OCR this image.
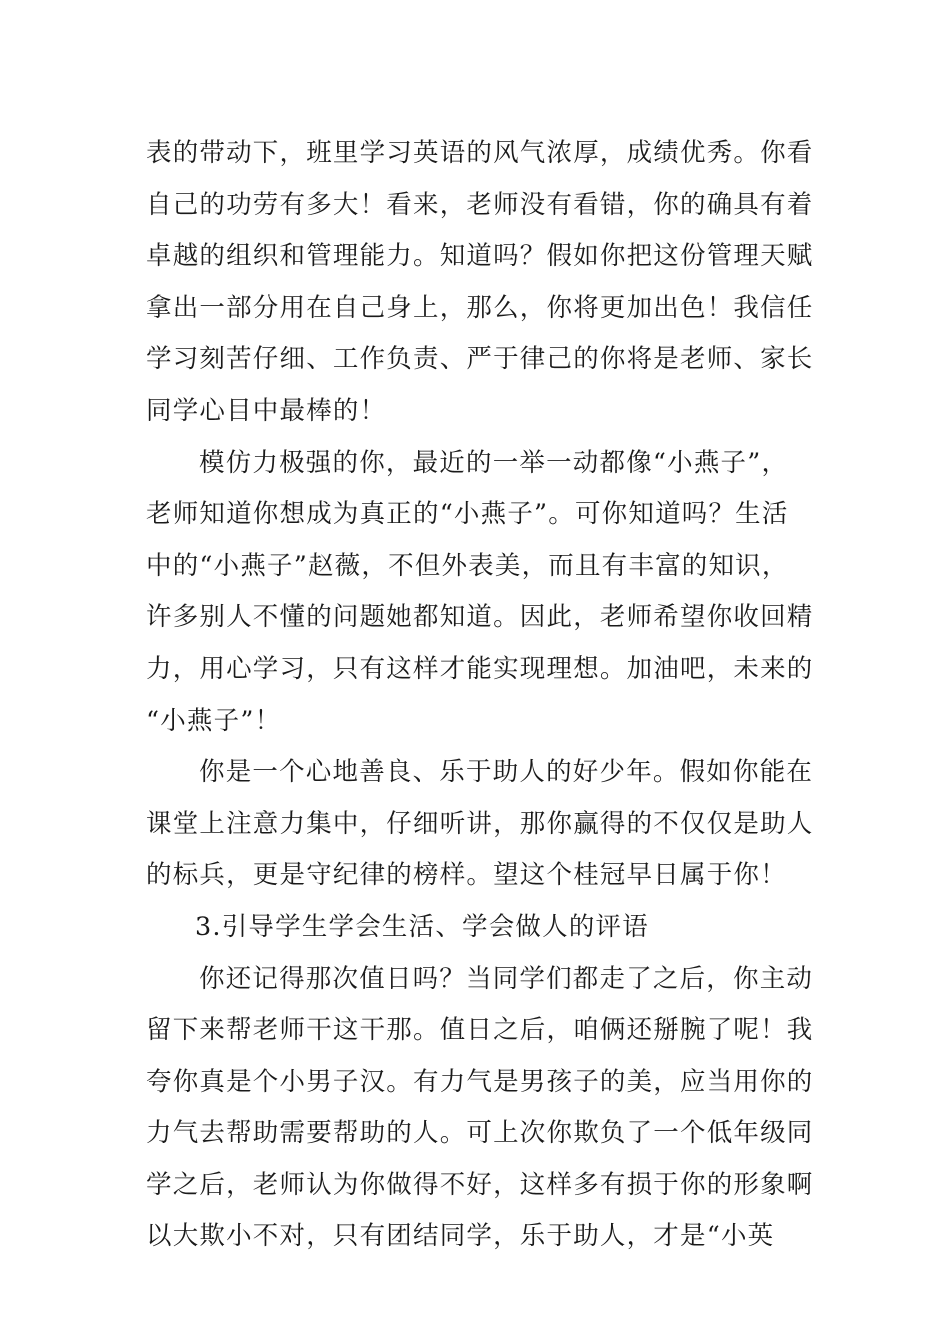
表的带动下，班里学习英语的风气浓厚，成绩优秀。你看
自己的功劳有多大！看来，老师没有看错，你的确具有着
卓越的组织和管理能力。知道吗？假如你把这份管理天赋
拿出一部分用在自己身上，那么，你将更加出色！我信任
学习刻苦仔细、工作负责、严于律己的你将是老师、家长
同学心目中最棒的！
模仿力极强的你，最近的一举一动都像“小燕子”，
老师知道你想成为真正的“小燕子”。可你知道吗？生活
中的“小燕子”赵薇，不但外表美，而且有丰富的知识，
许多别人不懂的问题她都知道。因此，老师希望你收回精
力，用心学习，只有这样才能实现理想。加油吧，未来的
“小燕子”！
你是一个心地善良、乐于助人的好少年。假如你能在
课堂上注意力集中，仔细听讲，那你赢得的不仅仅是助人
的标兵，更是守纪律的榜样。望这个桂冠早日属于你！
3.引导学生学会生活、学会做人的评语
你还记得那次值日吗？当同学们都走了之后，你主动
留下来帮老师干这干那。值日之后，咱俩还掰腕了呢！我
夸你真是个小男子汉。有力气是男孩子的美，应当用你的
力气去帮助需要帮助的人。可上次你欺负了一个低年级同
学之后，老师认为你做得不好，这样多有损于你的形象啊
以大欺小不对，只有团结同学，乐于助人，才是“小英
